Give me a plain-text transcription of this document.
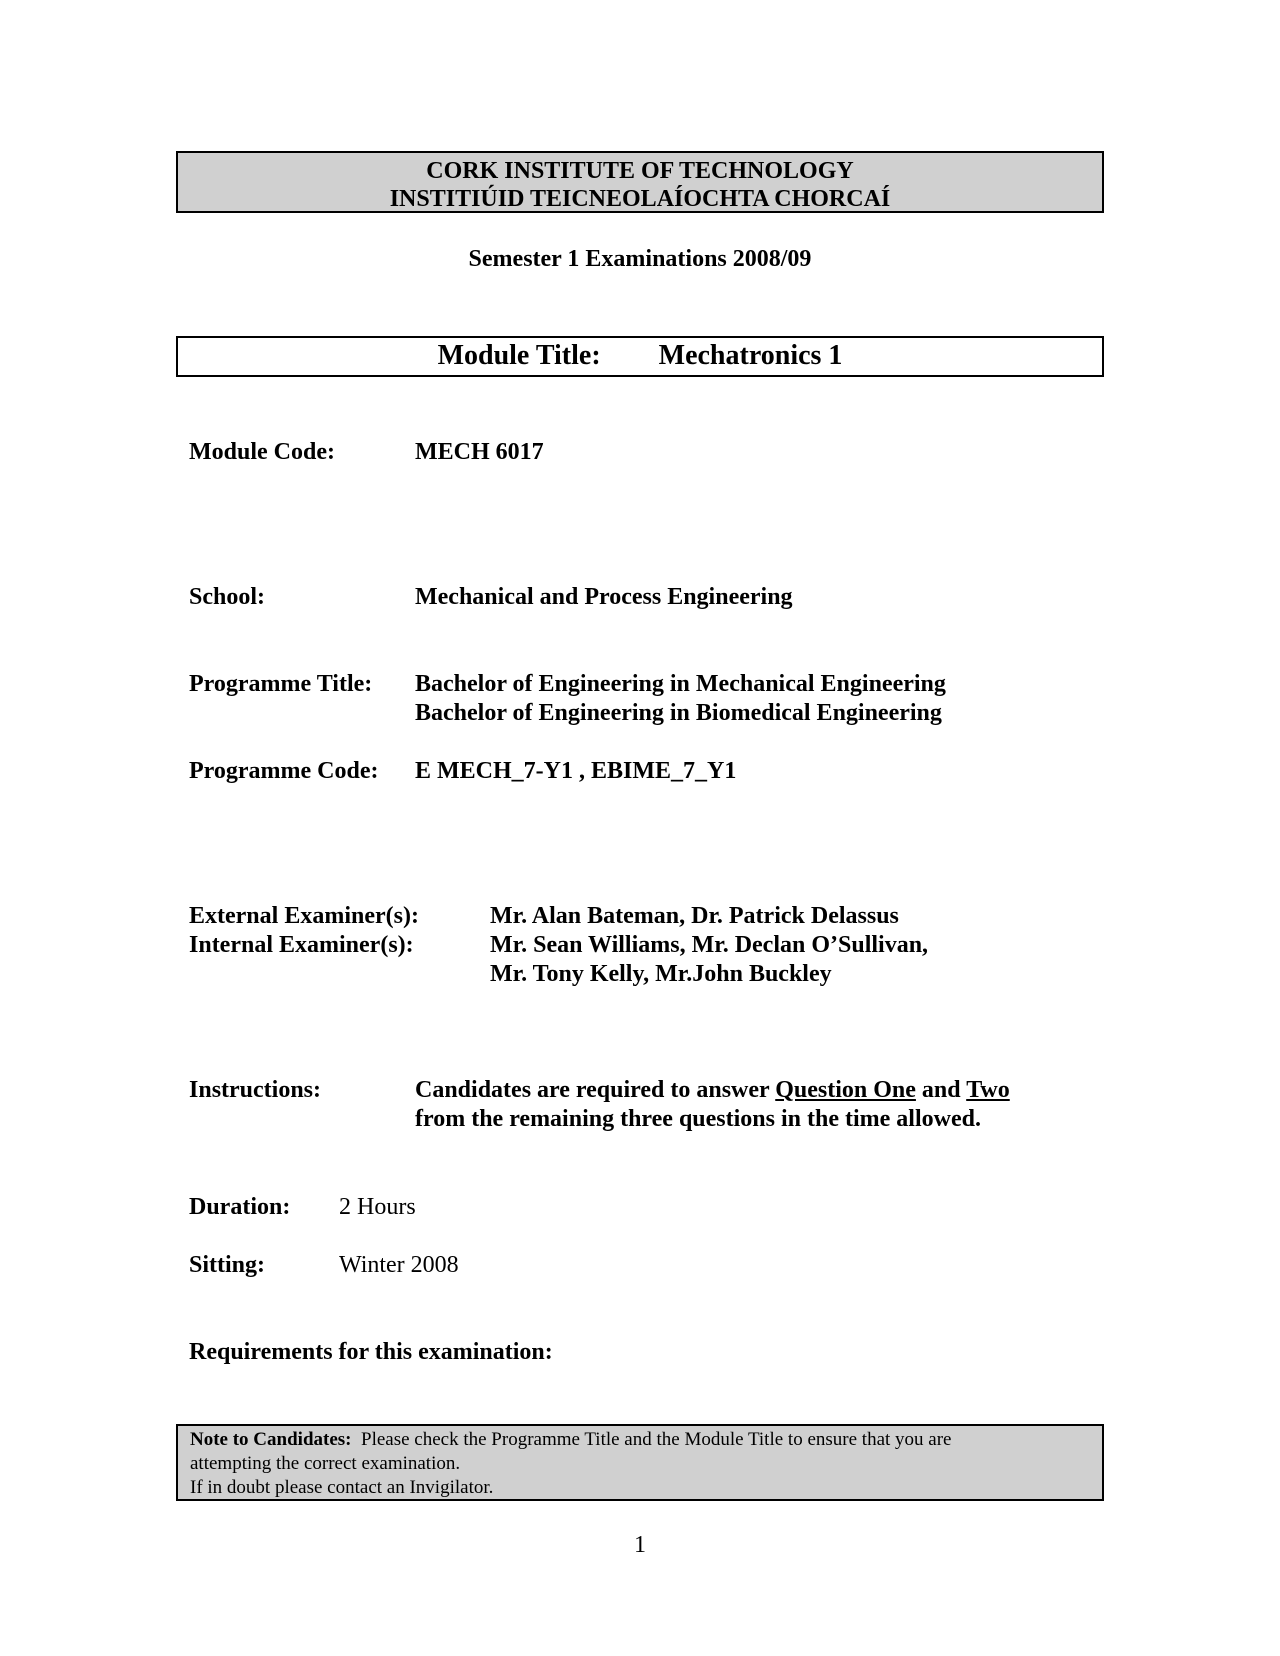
CORK INSTITUTE OF TECHNOLOGY
INSTITIÚID TEICNEOLAÍOCHTA CHORCAÍ
Semester 1 Examinations 2008/09
Module Title: Mechatronics 1
Module Code:	MECH 6017
School:	Mechanical and Process Engineering
Programme Title: Bachelor of Engineering in Mechanical Engineering
Bachelor of Engineering in Biomedical Engineering
Programme Code: E MECH_7-Y1 , EBIME_7_Y1
External Examiner(s):	Mr. Alan Bateman, Dr. Patrick Delassus
Internal Examiner(s):	Mr. Sean Williams, Mr. Declan O’Sullivan,
Mr. Tony Kelly, Mr.John Buckley
Instructions:	Candidates are required to answer Question One and Two
from the remaining three questions in the time allowed.
Duration: 2 Hours
Sitting:	Winter 2008
Requirements for this examination:
Note to Candidates:  Please check the Programme Title and the Module Title to ensure that you are
attempting the correct examination.
If in doubt please contact an Invigilator.
1
